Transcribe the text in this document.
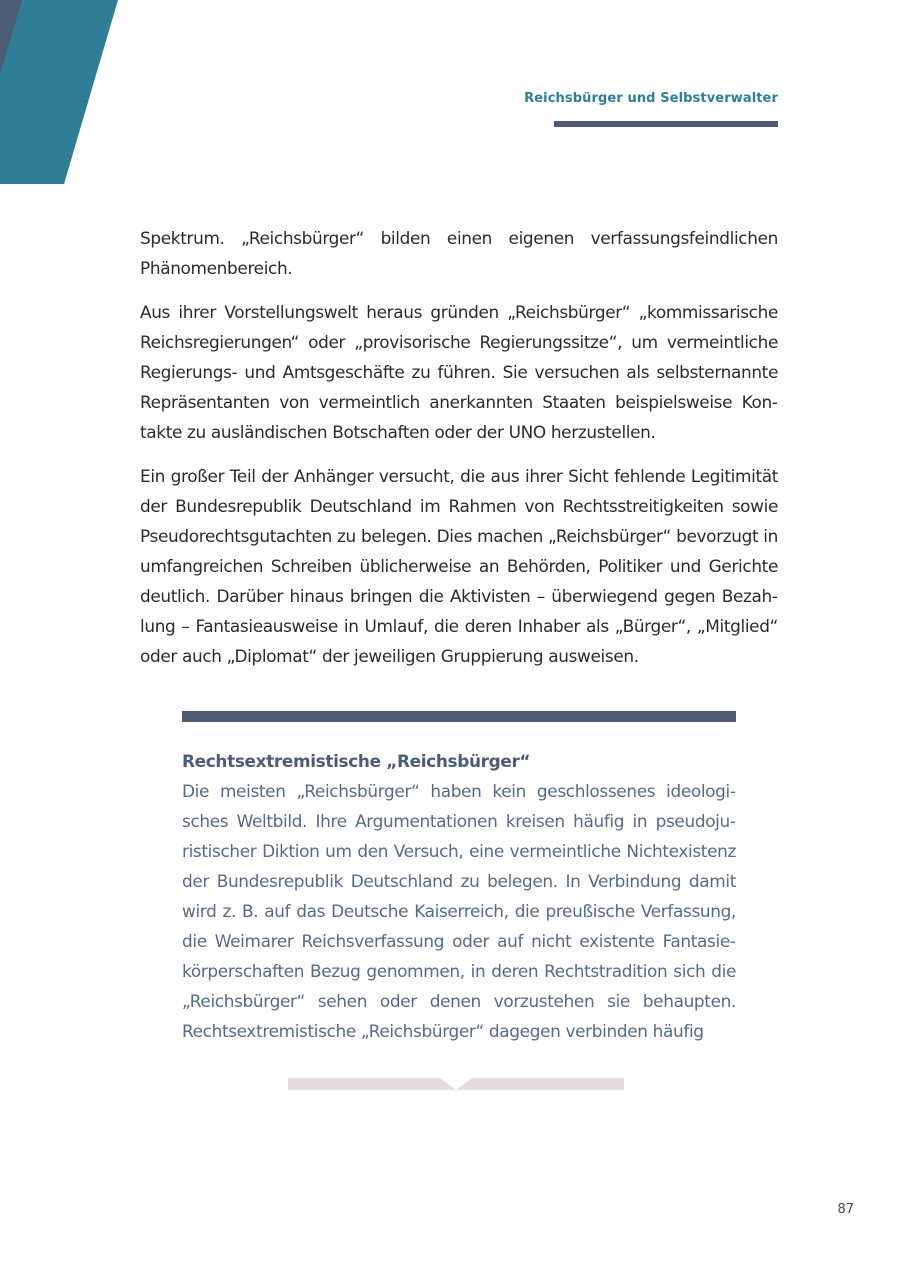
Reichsbürger und Selbstverwalter

Spektrum. „Reichsbürger“ bilden einen eigenen verfassungsfeindlichen Phänomenbereich.

Aus ihrer Vorstellungswelt heraus gründen „Reichsbürger“ „kommissarische Reichsregierungen“ oder „provisorische Regierungssitze“, um vermeintliche Regierungs- und Amtsgeschäfte zu führen. Sie versuchen als selbsternannte Repräsentanten von vermeintlich anerkannten Staaten beispielsweise Kontakte zu ausländischen Botschaften oder der UNO herzustellen.

Ein großer Teil der Anhänger versucht, die aus ihrer Sicht fehlende Legitimität der Bundesrepublik Deutschland im Rahmen von Rechtsstreitigkeiten sowie Pseudorechtsgutachten zu belegen. Dies machen „Reichsbürger“ bevorzugt in umfangreichen Schreiben üblicherweise an Behörden, Politiker und Gerichte deutlich. Darüber hinaus bringen die Aktivisten – überwiegend gegen Bezahlung – Fantasieausweise in Umlauf, die deren Inhaber als „Bürger“, „Mitglied“ oder auch „Diplomat“ der jeweiligen Gruppierung ausweisen.

Rechtsextremistische „Reichsbürger“

Die meisten „Reichsbürger“ haben kein geschlossenes ideologisches Weltbild. Ihre Argumentationen kreisen häufig in pseudojuristischer Diktion um den Versuch, eine vermeintliche Nichtexistenz der Bundesrepublik Deutschland zu belegen. In Verbindung damit wird z. B. auf das Deutsche Kaiserreich, die preußische Verfassung, die Weimarer Reichsverfassung oder auf nicht existente Fantasiekörperschaften Bezug genommen, in deren Rechtstradition sich die „Reichsbürger“ sehen oder denen vorzustehen sie behaupten. Rechtsextremistische „Reichsbürger“ dagegen verbinden häufig

87
